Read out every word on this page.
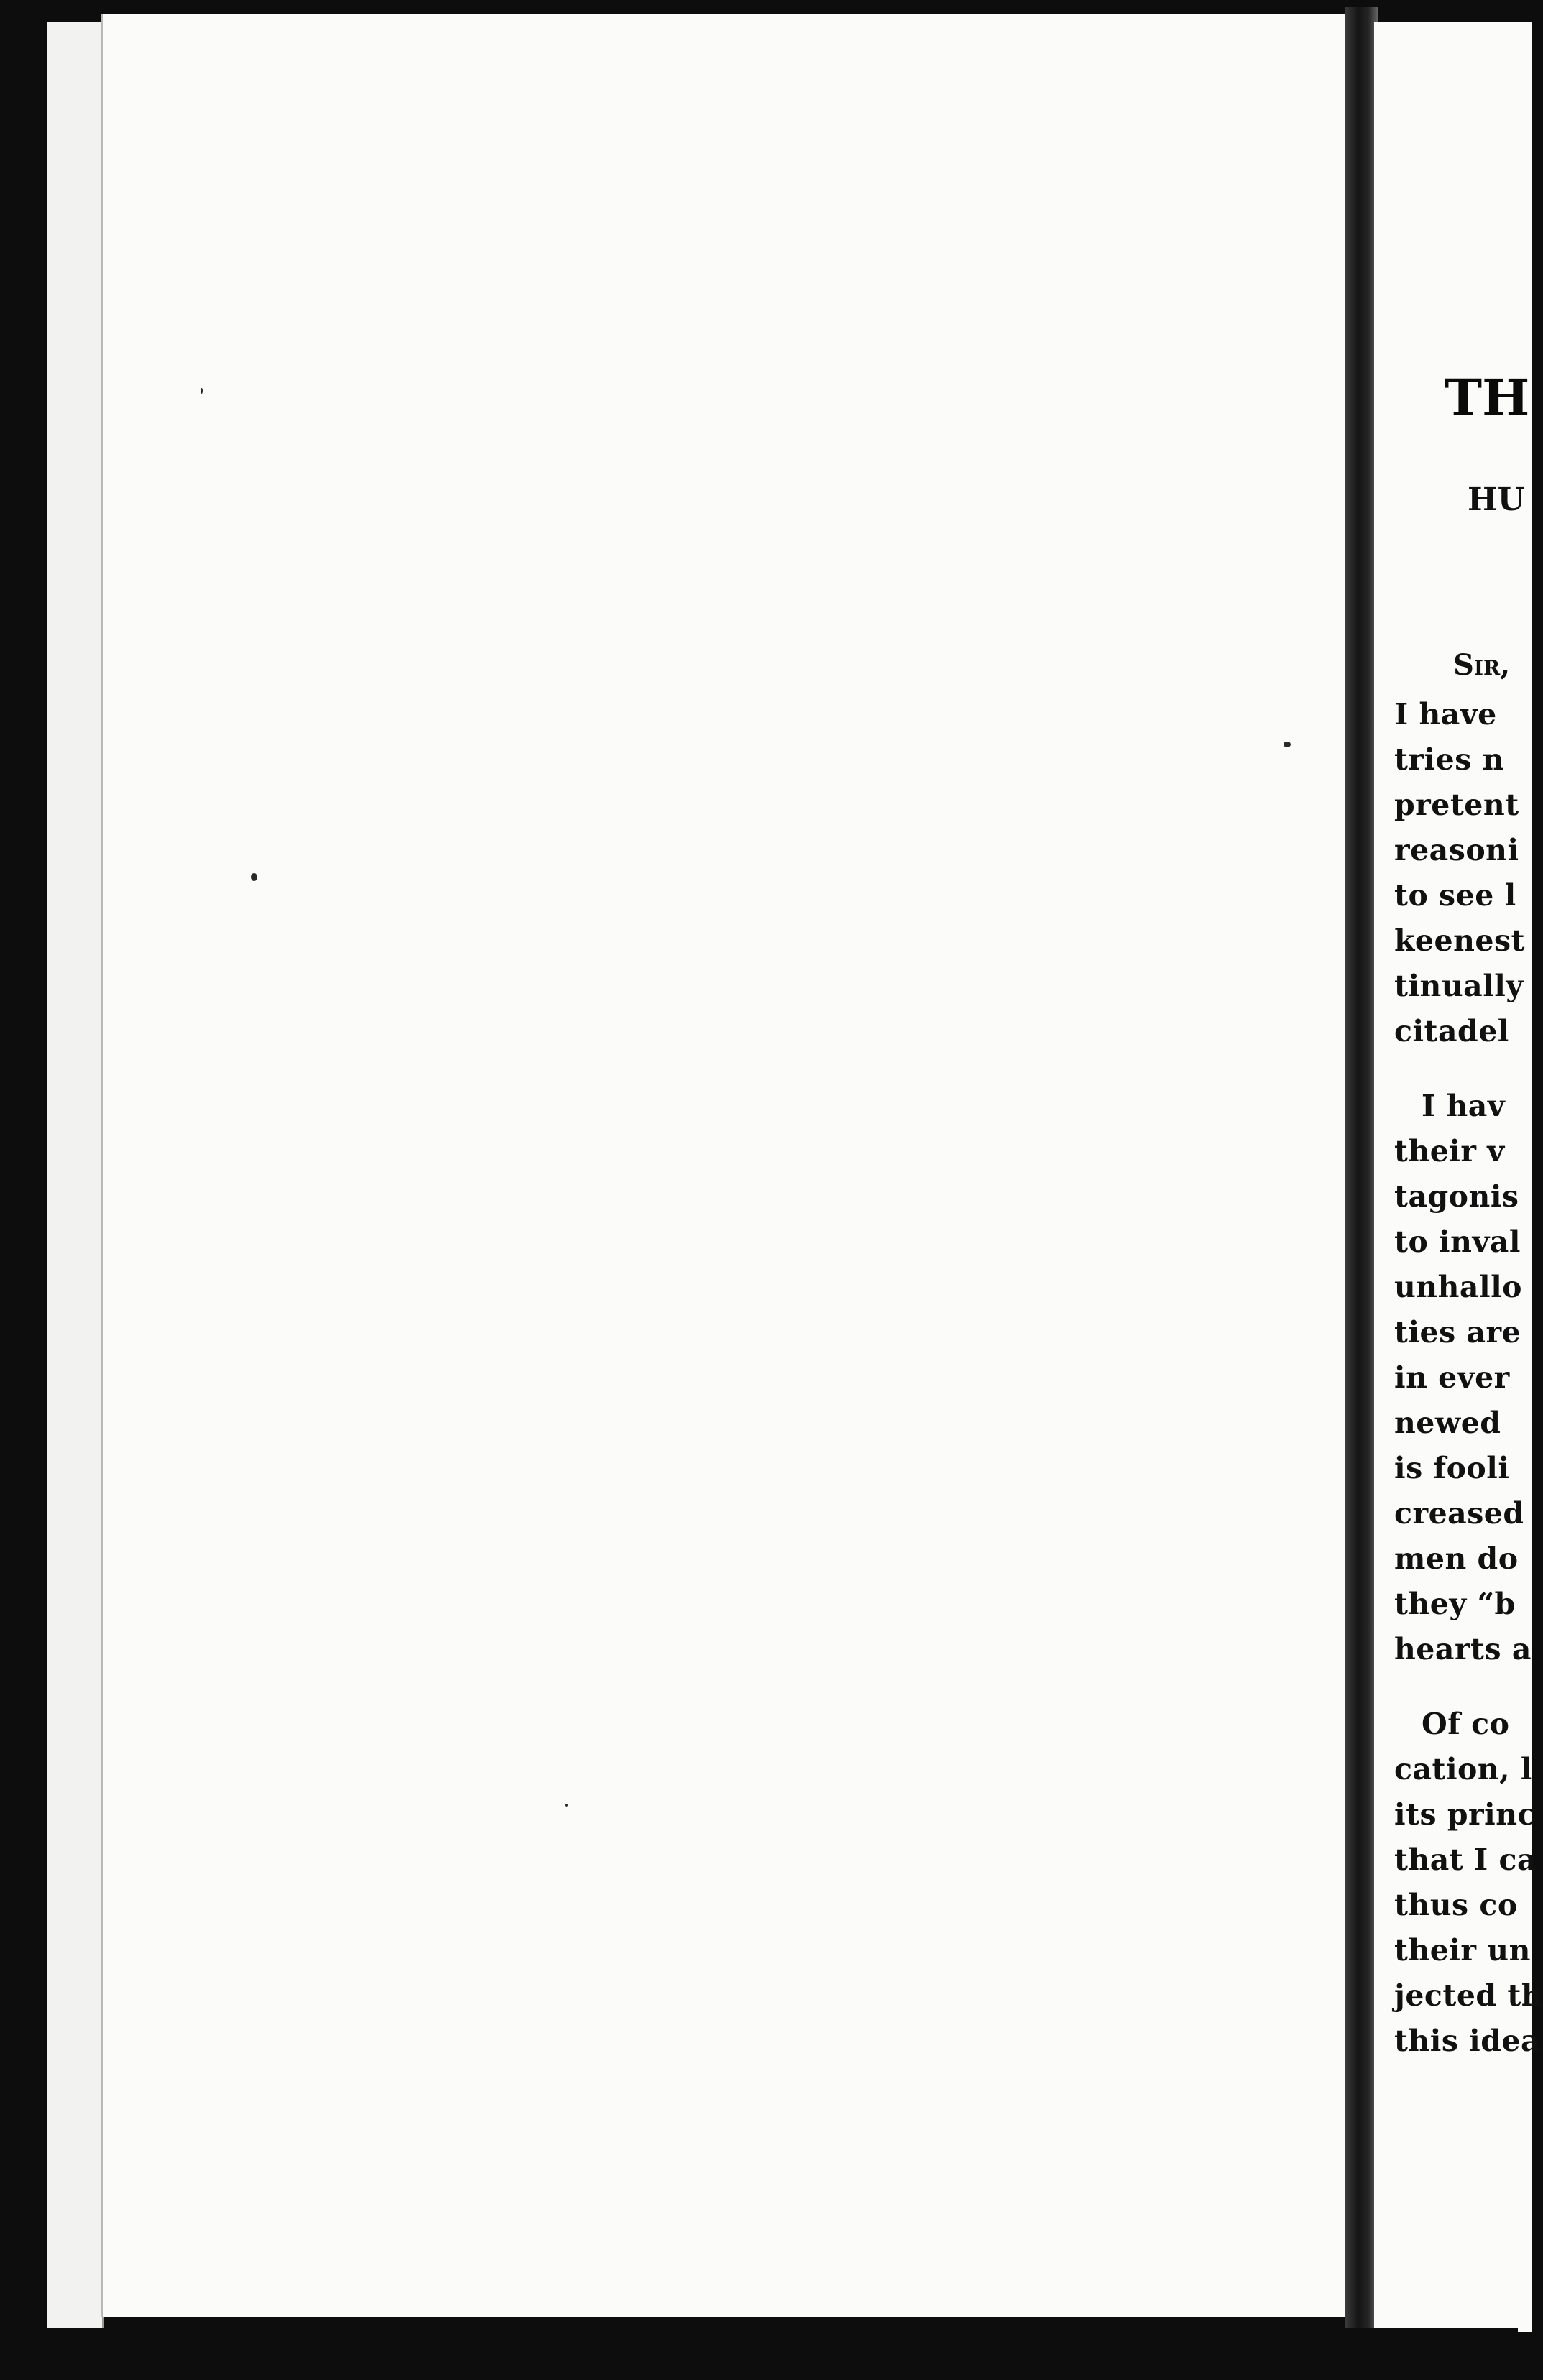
TH
HU
Sir,
I have
tries n
pretent
reasoni
to see l
keenest
tinually
citadel
I hav
their v
tagonis
to inval
unhallo
ties are
in ever
newed
is fooli
creased
men do
they “b
hearts a
Of co
cation, l
its princ
that I ca
thus co
their un
jected th
this idea
